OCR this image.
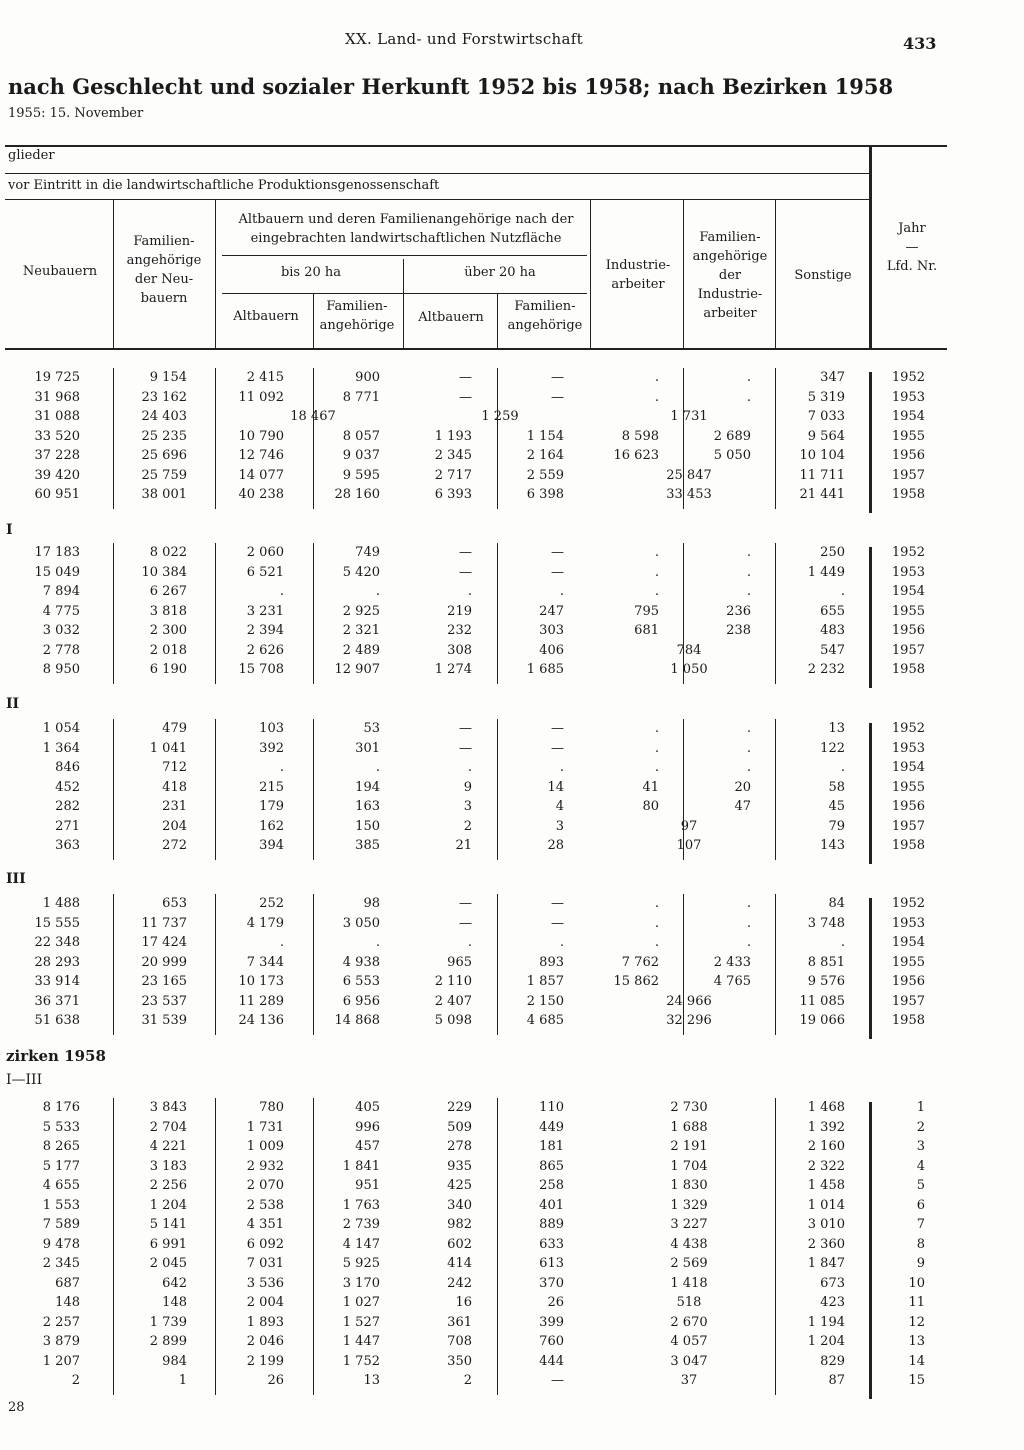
XX. Land- und Forstwirtschaft	433
nach Geschlecht und sozialer Herkunft 1952 bis 1958; nach Bezirken 1958
1955: 15. November
glieder
vor Eintritt in die landwirtschaftliche Produktionsgenossenschaft
Neubauern
Familien-
angehörige
der Neu-
bauern
Altbauern und deren Familienangehörige nach der
eingebrachten landwirtschaftlichen Nutzfläche
bis 20 ha	über 20 ha
Altbauern
Familien-
angehörige
Altbauern
Familien-
angehörige
Industrie-
arbeiter
Familien-
angehörige
der
Industrie-
arbeiter
Sonstige
Jahr
—
Lfd. Nr.
19 725	9 154	2 415	900	—	—	.	.	347	1952
31 968	23 162	11 092	8 771	—	—	.	.	5 319	1953
31 088	24 403	18 467	1 259	1 731	7 033	1954
33 520	25 235	10 790	8 057	1 193	1 154	8 598	2 689	9 564	1955
37 228	25 696	12 746	9 037	2 345	2 164	16 623	5 050	10 104	1956
39 420	25 759	14 077	9 595	2 717	2 559	25 847	11 711	1957
60 951	38 001	40 238	28 160	6 393	6 398	33 453	21 441	1958
I
17 183	8 022	2 060	749	—	—	.	.	250	1952
15 049	10 384	6 521	5 420	—	—	.	.	1 449	1953
7 894	6 267	.	.	.	.	.	.	.	1954
4 775	3 818	3 231	2 925	219	247	795	236	655	1955
3 032	2 300	2 394	2 321	232	303	681	238	483	1956
2 778	2 018	2 626	2 489	308	406	784	547	1957
8 950	6 190	15 708	12 907	1 274	1 685	1 050	2 232	1958
II
1 054	479	103	53	—	—	.	.	13	1952
1 364	1 041	392	301	—	—	.	.	122	1953
846	712	.	.	.	.	.	.	.	1954
452	418	215	194	9	14	41	20	58	1955
282	231	179	163	3	4	80	47	45	1956
271	204	162	150	2	3	97	79	1957
363	272	394	385	21	28	107	143	1958
III
1 488	653	252	98	—	—	.	.	84	1952
15 555	11 737	4 179	3 050	—	—	.	.	3 748	1953
22 348	17 424	.	.	.	.	.	.	.	1954
28 293	20 999	7 344	4 938	965	893	7 762	2 433	8 851	1955
33 914	23 165	10 173	6 553	2 110	1 857	15 862	4 765	9 576	1956
36 371	23 537	11 289	6 956	2 407	2 150	24 966	11 085	1957
51 638	31 539	24 136	14 868	5 098	4 685	32 296	19 066	1958
zirken 1958
I—III
8 176	3 843	780	405	229	110	2 730	1 468	1
5 533	2 704	1 731	996	509	449	1 688	1 392	2
8 265	4 221	1 009	457	278	181	2 191	2 160	3
5 177	3 183	2 932	1 841	935	865	1 704	2 322	4
4 655	2 256	2 070	951	425	258	1 830	1 458	5
1 553	1 204	2 538	1 763	340	401	1 329	1 014	6
7 589	5 141	4 351	2 739	982	889	3 227	3 010	7
9 478	6 991	6 092	4 147	602	633	4 438	2 360	8
2 345	2 045	7 031	5 925	414	613	2 569	1 847	9
687	642	3 536	3 170	242	370	1 418	673	10
148	148	2 004	1 027	16	26	518	423	11
2 257	1 739	1 893	1 527	361	399	2 670	1 194	12
3 879	2 899	2 046	1 447	708	760	4 057	1 204	13
1 207	984	2 199	1 752	350	444	3 047	829	14
2	1	26	13	2	—	37	87	15
28
